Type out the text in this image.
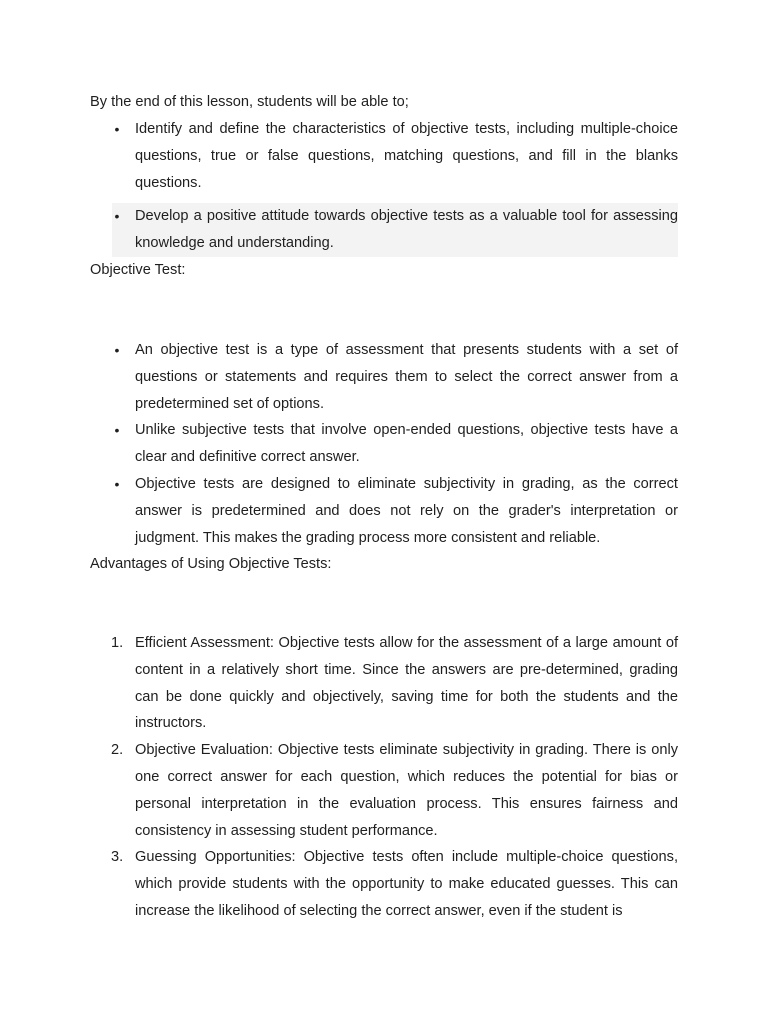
By the end of this lesson, students will be able to;

• Identify and define the characteristics of objective tests, including multiple-choice questions, true or false questions, matching questions, and fill in the blanks questions.
• Develop a positive attitude towards objective tests as a valuable tool for assessing knowledge and understanding.

Objective Test:

• An objective test is a type of assessment that presents students with a set of questions or statements and requires them to select the correct answer from a predetermined set of options.
• Unlike subjective tests that involve open-ended questions, objective tests have a clear and definitive correct answer.
• Objective tests are designed to eliminate subjectivity in grading, as the correct answer is predetermined and does not rely on the grader's interpretation or judgment. This makes the grading process more consistent and reliable.

Advantages of Using Objective Tests:

1. Efficient Assessment: Objective tests allow for the assessment of a large amount of content in a relatively short time. Since the answers are pre-determined, grading can be done quickly and objectively, saving time for both the students and the instructors.
2. Objective Evaluation: Objective tests eliminate subjectivity in grading. There is only one correct answer for each question, which reduces the potential for bias or personal interpretation in the evaluation process. This ensures fairness and consistency in assessing student performance.
3. Guessing Opportunities: Objective tests often include multiple-choice questions, which provide students with the opportunity to make educated guesses. This can increase the likelihood of selecting the correct answer, even if the student is
